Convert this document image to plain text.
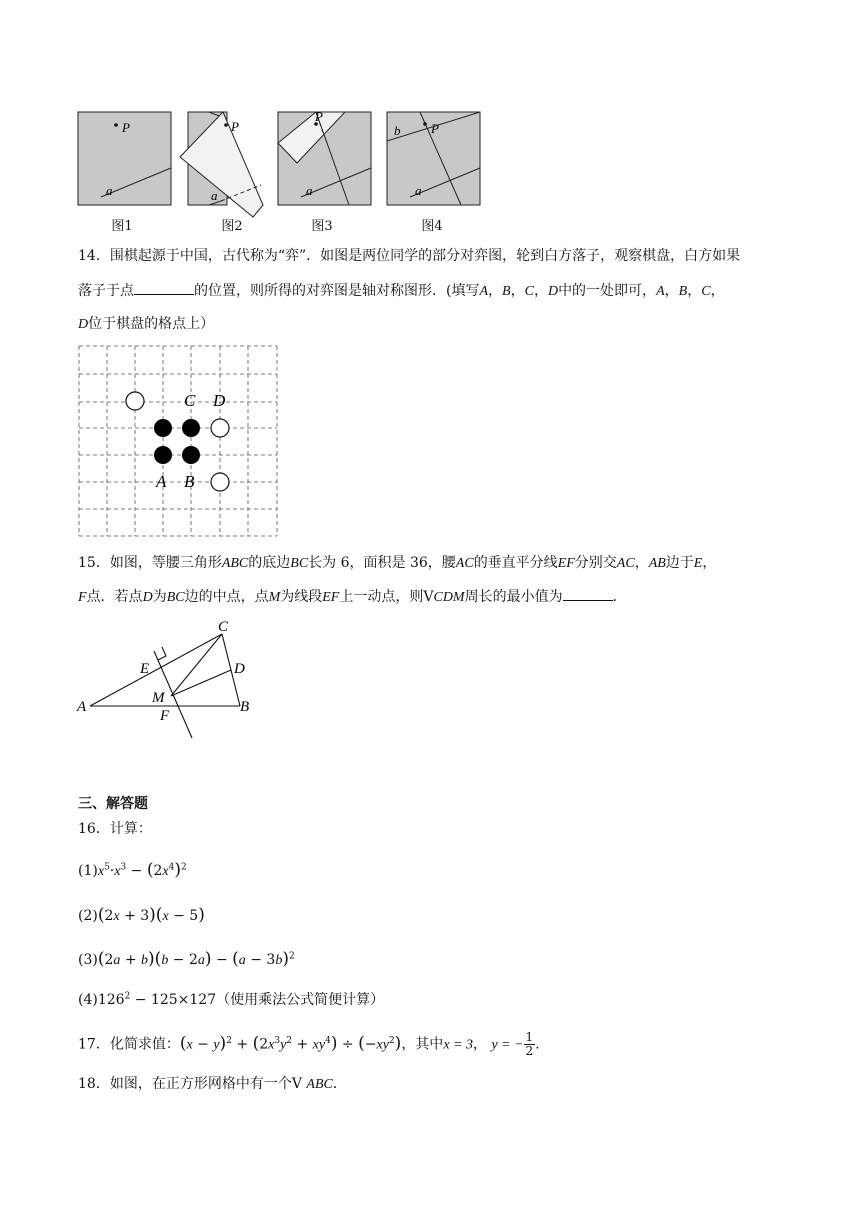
P
a
P
a
P
a
b P
a
图1	图2	图3	图4
14．围棋起源于中国，古代称为“弈”．如图是两位同学的部分对弈图，轮到白方落子，观察棋盘，白方如果
落子于点	的位置，则所得的对弈图是轴对称图形．(填写A，B，C，D中的一处即可，A，B，C，
D位于棋盘的格点上）
C D
A B
15．如图，等腰三角形ABC的底边BC长为 6，面积是 36，腰AC的垂直平分线EF分别交AC，AB边于E，
F点．若点D为BC边的中点，点M为线段EF上一动点，则VCDM周长的最小值为	．
C
D
E
M
A	B
F
三、解答题
16．计算：
$(1)x^5\cdot x^3 - (2x^4)^2$
(2)(2x + 3)(x − 5)
$(3)(2a + b)(b - 2a) - (a - 3b)^2$
$(4)126^2 - 125\times 127$（使用乘法公式简便计算）
17．化简求值：$(x - y)^2 + (2x^3y^2 + xy^4) \div (-xy^2)$，其中x = 3， y = − $\frac{1}{2}$ ．
18．如图，在正方形网格中有一个V ABC．
